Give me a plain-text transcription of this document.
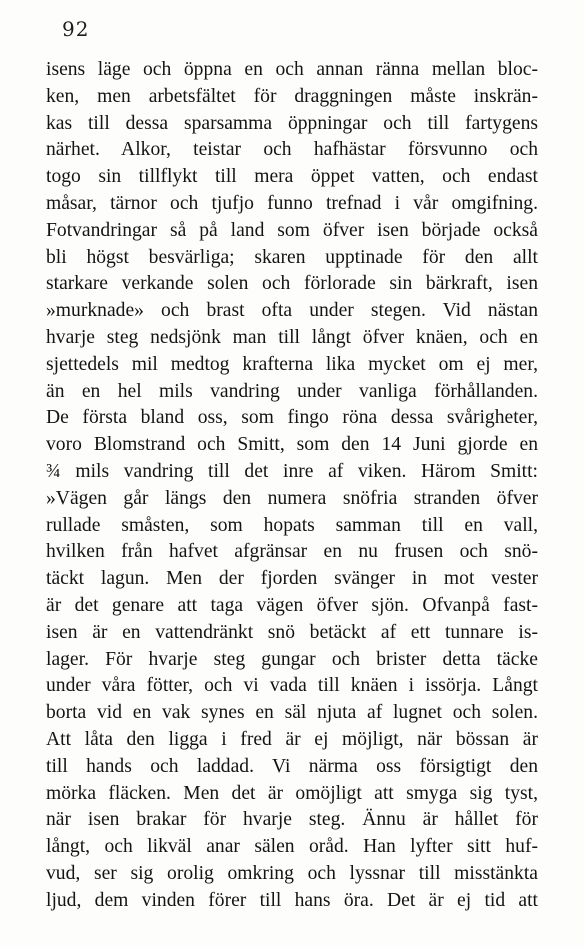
92
isens läge och öppna en och annan ränna mellan bloc-
ken, men arbetsfältet för draggningen måste inskrän-
kas till dessa sparsamma öppningar och till fartygens
närhet. Alkor, teistar och hafhästar försvunno och
togo sin tillflykt till mera öppet vatten, och endast
måsar, tärnor och tjufjo funno trefnad i vår omgifning.
Fotvandringar så på land som öfver isen började också
bli högst besvärliga; skaren upptinade för den allt
starkare verkande solen och förlorade sin bärkraft, isen
»murknade» och brast ofta under stegen. Vid nästan
hvarje steg nedsjönk man till långt öfver knäen, och en
sjettedels mil medtog krafterna lika mycket om ej mer,
än en hel mils vandring under vanliga förhållanden.
De första bland oss, som fingo röna dessa svårigheter,
voro Blomstrand och Smitt, som den 14 Juni gjorde en
¾ mils vandring till det inre af viken. Härom Smitt:
»Vägen går längs den numera snöfria stranden öfver
rullade småsten, som hopats samman till en vall,
hvilken från hafvet afgränsar en nu frusen och snö-
täckt lagun. Men der fjorden svänger in mot vester
är det genare att taga vägen öfver sjön. Ofvanpå fast-
isen är en vattendränkt snö betäckt af ett tunnare is-
lager. För hvarje steg gungar och brister detta täcke
under våra fötter, och vi vada till knäen i issörja. Långt
borta vid en vak synes en säl njuta af lugnet och solen.
Att låta den ligga i fred är ej möjligt, när bössan är
till hands och laddad. Vi närma oss försigtigt den
mörka fläcken. Men det är omöjligt att smyga sig tyst,
när isen brakar för hvarje steg. Ännu är hållet för
långt, och likväl anar sälen oråd. Han lyfter sitt huf-
vud, ser sig orolig omkring och lyssnar till misstänkta
ljud, dem vinden förer till hans öra. Det är ej tid att
